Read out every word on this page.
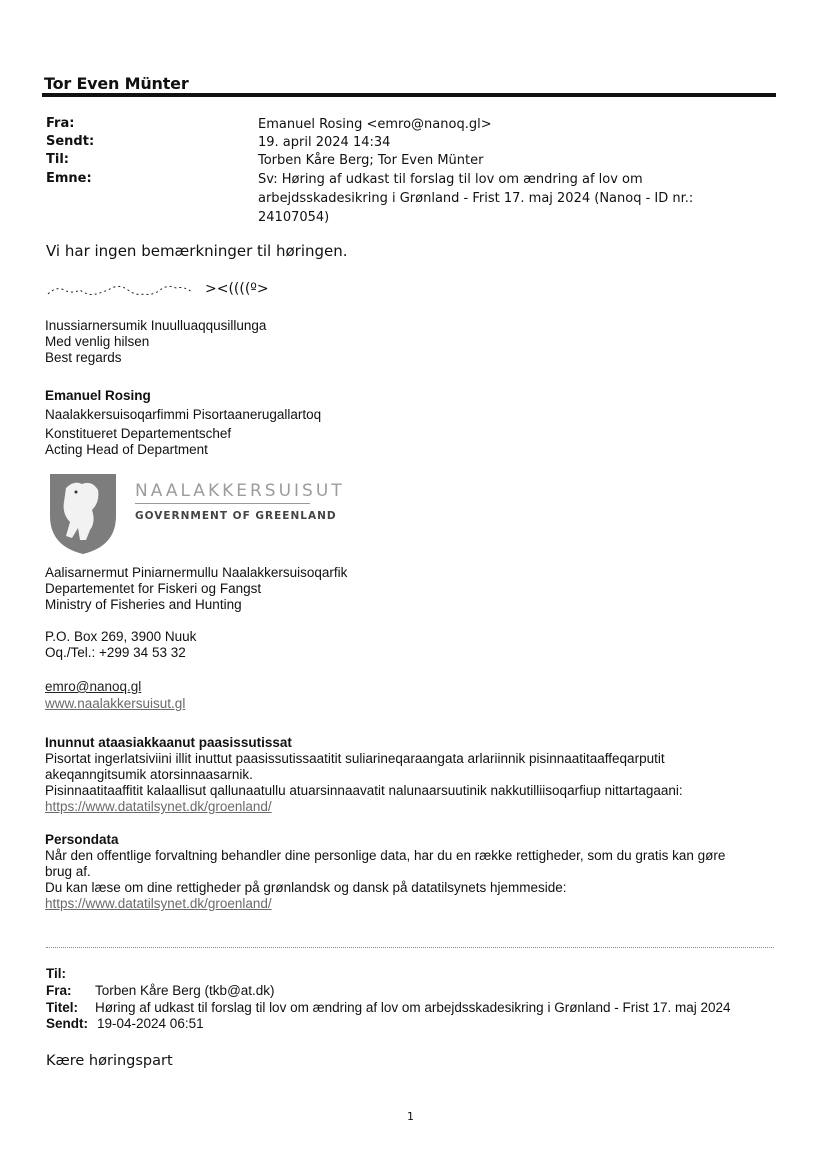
Tor Even Münter
Fra:	Emanuel Rosing <emro@nanoq.gl>
Sendt:	19. april 2024 14:34
Til:	Torben Kåre Berg; Tor Even Münter
Emne:	Sv: Høring af udkast til forslag til lov om ændring af lov om arbejdsskadesikring i Grønland - Frist 17. maj 2024 (Nanoq - ID nr.: 24107054)
Vi har ingen bemærkninger til høringen.
><((((º>
Inussiarnersumik Inuulluaqqusillunga
Med venlig hilsen
Best regards
Emanuel Rosing
Naalakkersuisoqarfimmi Pisortaanerugallartoq
Konstitueret Departementschef
Acting Head of Department
NAALAKKERSUISUT
GOVERNMENT OF GREENLAND
Aalisarnermut Piniarnermullu Naalakkersuisoqarfik
Departementet for Fiskeri og Fangst
Ministry of Fisheries and Hunting
P.O. Box 269, 3900 Nuuk
Oq./Tel.: +299 34 53 32
emro@nanoq.gl
www.naalakkersuisut.gl
Inunnut ataasiakkaanut paasissutissat
Pisortat ingerlatsiviini illit inuttut paasissutissaatitit suliarineqaraangata arlariinnik pisinnaatitaaffeqarputit
akeqanngitsumik atorsinnaasarnik.
Pisinnaatitaaffitit kalaallisut qallunaatullu atuarsinnaavatit nalunaarsuutinik nakkutilliisoqarfiup nittartagaani:
https://www.datatilsynet.dk/groenland/
Persondata
Når den offentlige forvaltning behandler dine personlige data, har du en række rettigheder, som du gratis kan gøre
brug af.
Du kan læse om dine rettigheder på grønlandsk og dansk på datatilsynets hjemmeside:
https://www.datatilsynet.dk/groenland/
Til:
Fra: Torben Kåre Berg (tkb@at.dk)
Titel: Høring af udkast til forslag til lov om ændring af lov om arbejdsskadesikring i Grønland - Frist 17. maj 2024
Sendt: 19-04-2024 06:51
Kære høringspart
1
